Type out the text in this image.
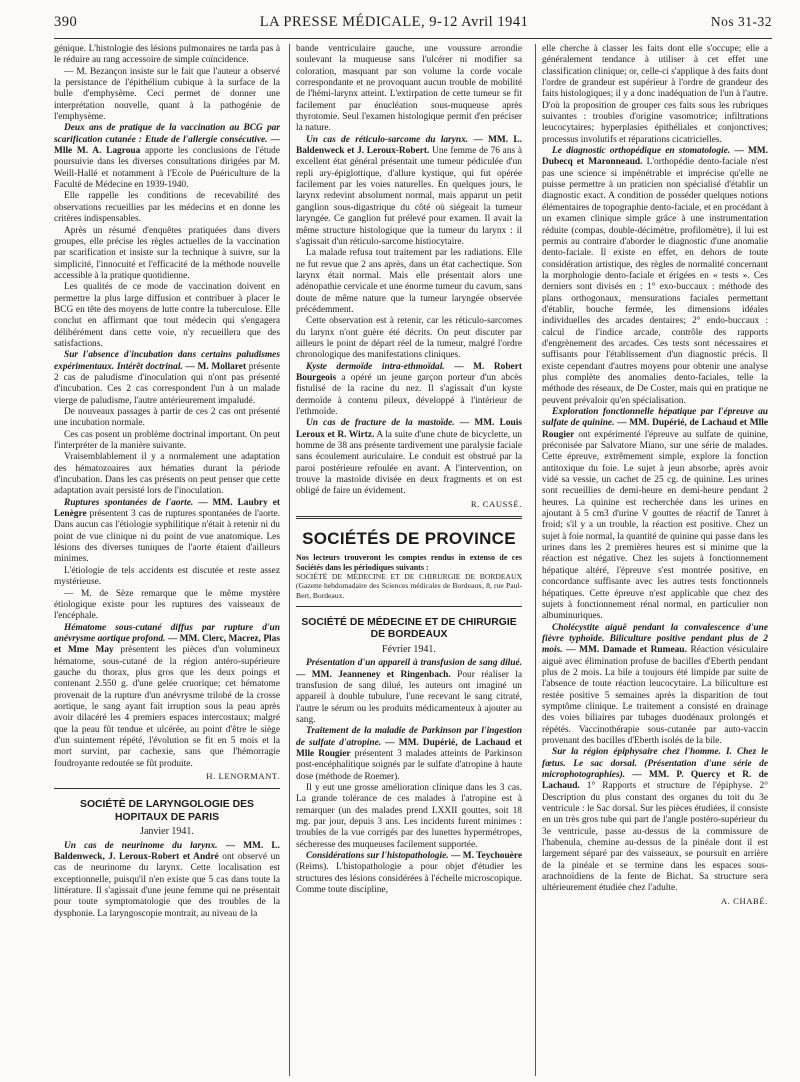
390	LA PRESSE MÉDICALE, 9-12 Avril 1941	Nos 31-32

génique. L'histologie des lésions pulmonaires ne tarda pas à le réduire au rang accessoire de simple coïncidence.

— M. Bezançon insiste sur le fait que l'auteur a observé la persistance de l'épithélium cubique à la surface de la bulle d'emphysème. Ceci permet de donner une interprétation nouvelle, quant à la pathogénie de l'emphysème.

Deux ans de pratique de la vaccination au BCG par scarification cutanée : Etude de l'allergie consécutive. — Mlle M. A. Lagroua apporte les conclusions de l'étude poursuivie dans les diverses consultations dirigées par M. Weill-Hallé et notamment à l'Ecole de Puériculture de la Faculté de Médecine en 1939-1940.

Elle rappelle les conditions de recevabilité des observations recueillies par les médecins et en donne les critères indispensables.

Après un résumé d'enquêtes pratiquées dans divers groupes, elle précise les règles actuelles de la vaccination par scarification et insiste sur la technique à suivre, sur la simplicité, l'innocuité et l'efficacité de la méthode nouvelle accessible à la pratique quotidienne.

Les qualités de ce mode de vaccination doivent en permettre la plus large diffusion et contribuer à placer le BCG en tête des moyens de lutte contre la tuberculose. Elle conclut en affirmant que tout médecin qui s'engagera délibérément dans cette voie, n'y recueillera que des satisfactions.

Sur l'absence d'incubation dans certains paludismes expérimentaux. Intérêt doctrinal. — M. Mollaret présente 2 cas de paludisme d'inoculation qui n'ont pas présenté d'incubation. Ces 2 cas correspondent l'un à un malade vierge de paludisme, l'autre antérieurement impaludé.

De nouveaux passages à partir de ces 2 cas ont présenté une incubation normale.

Ces cas posent un problème doctrinal important. On peut l'interpréter de la manière suivante.

Vraisemblablement il y a normalement une adaptation des hématozoaires aux hématies durant la période d'incubation. Dans les cas présents on peut penser que cette adaptation avait persisté lors de l'inoculation.

Ruptures spontanées de l'aorte. — MM. Laubry et Lenègre présentent 3 cas de ruptures spontanées de l'aorte. Dans aucun cas l'étiologie syphilitique n'était à retenir ni du point de vue clinique ni du point de vue anatomique. Les lésions des diverses tuniques de l'aorte étaient d'ailleurs minimes.

L'étiologie de tels accidents est discutée et reste assez mystérieuse.

— M. de Sèze remarque que le même mystère étiologique existe pour les ruptures des vaisseaux de l'encéphale.

Hématome sous-cutané diffus par rupture d'un anévrysme aortique profond. — MM. Clerc, Macrez, Plas et Mme May présentent les pièces d'un volumineux hématome, sous-cutané de la région antéro-supérieure gauche du thorax, plus gros que les deux poings et contenant 2.550 g. d'une gelée cruorique; cet hématome provenait de la rupture d'un anévrysme trilobé de la crosse aortique, le sang ayant fait irruption sous la peau après avoir dilacéré les 4 premiers espaces intercostaux; malgré que la peau fût tendue et ulcérée, au point d'être le siège d'un suintement répété, l'évolution se fit en 5 mois et la mort survint, par cachexie, sans que l'hémorragie foudroyante redoutée se fût produite.

H. LENORMANT.
SOCIÉTÉ DE LARYNGOLOGIE DES HOPITAUX DE PARIS
Janvier 1941.

Un cas de neurinome du larynx. — MM. L. Baldenweck, J. Leroux-Robert et André ont observé un cas de neurinome du larynx. Cette localisation est exceptionnelle, puisqu'il n'en existe que 5 cas dans toute la littérature. Il s'agissait d'une jeune femme qui ne présentait pour toute symptomatologie que des troubles de la dysphonie. La laryngoscopie montrait, au niveau de la

bande ventriculaire gauche, une voussure arrondie soulevant la muqueuse sans l'ulcérer ni modifier sa coloration, masquant par son volume la corde vocale correspondante et ne provoquant aucun trouble de mobilité de l'hémi-larynx atteint. L'extirpation de cette tumeur se fit facilement par énucléation sous-muqueuse après thyrotomie. Seul l'examen histologique permit d'en préciser la nature.

Un cas de réticulo-sarcome du larynx. — MM. L. Baldenweck et J. Leroux-Robert. Une femme de 76 ans à excellent état général présentait une tumeur pédiculée d'un repli ary-épiglottique, d'allure kystique, qui fut opérée facilement par les voies naturelles. En quelques jours, le larynx redevint absolument normal, mais apparut un petit ganglion sous-digastrique du côté où siégeait la tumeur laryngée. Ce ganglion fut prélevé pour examen. Il avait la même structure histologique que la tumeur du larynx : il s'agissait d'un réticulo-sarcome histiocytaire.

La malade refusa tout traitement par les radiations. Elle ne fut revue que 2 ans après, dans un état cachectique. Son larynx était normal. Mais elle présentait alors une adénopathie cervicale et une énorme tumeur du cavum, sans doute de même nature que la tumeur laryngée observée précédemment.

Cette observation est à retenir, car les réticulo-sarcomes du larynx n'ont guère été décrits. On peut discuter par ailleurs le point de départ réel de la tumeur, malgré l'ordre chronologique des manifestations cliniques.

Kyste dermoïde intra-ethmoïdal. — M. Robert Bourgeois a opéré un jeune garçon porteur d'un abcès fistulisé de la racine du nez. Il s'agissait d'un kyste dermoïde à contenu pileux, développé à l'intérieur de l'ethmoïde.

Un cas de fracture de la mastoïde. — MM. Louis Leroux et R. Wirtz. A la suite d'une chute de bicyclette, un homme de 38 ans présente tardivement une paralysie faciale sans écoulement auriculaire. Le conduit est obstrué par la paroi postérieure refoulée en avant. A l'intervention, on trouve la mastoïde divisée en deux fragments et on est obligé de faire un évidement.

R. CAUSSÉ.
SOCIÉTÉS DE PROVINCE
Nos lecteurs trouveront les comptes rendus in extenso de ces Sociétés dans les périodiques suivants :
SOCIÉTÉ DE MÉDECINE ET DE CHIRURGIE DE BORDEAUX (Gazette hebdomadaire des Sciences médicales de Bordeaux, 8, rue Paul-Bert, Bordeaux.
SOCIÉTÉ DE MÉDECINE ET DE CHIRURGIE DE BORDEAUX
Février 1941.

Présentation d'un appareil à transfusion de sang dilué. — MM. Jeanneney et Ringenbach. Pour réaliser la transfusion de sang dilué, les auteurs ont imaginé un appareil à double tubulure, l'une recevant le sang citraté, l'autre le sérum ou les produits médicamenteux à ajouter au sang.

Traitement de la maladie de Parkinson par l'ingestion de sulfate d'atropine. — MM. Dupérié, de Lachaud et Mlle Rougier présentent 3 malades atteints de Parkinson post-encéphalitique soignés par le sulfate d'atropine à haute dose (méthode de Roemer).

Il y eut une grosse amélioration clinique dans les 3 cas. La grande tolérance de ces malades à l'atropine est à remarquer (un des malades prend LXXII gouttes, soit 18 mg. par jour, depuis 3 ans. Les incidents furent minimes : troubles de la vue corrigés par des lunettes hypermétropes, sécheresse des muqueuses facilement supportée.

Considérations sur l'histopathologie. — M. Teychouère (Reims). L'histopathologie a pour objet d'étudier les structures des lésions considérées à l'échelle microscopique. Comme toute discipline,

elle cherche à classer les faits dont elle s'occupe; elle a généralement tendance à utiliser à cet effet une classification clinique; or, celle-ci s'applique à des faits dont l'ordre de grandeur est supérieur à l'ordre de grandeur des faits histologiques; il y a donc inadéquation de l'un à l'autre. D'où la proposition de grouper ces faits sous les rubriques suivantes : troubles d'origine vasomotrice; infiltrations leucocytaires; hyperplasies épithéliales et conjonctives; processus involutifs et réparations cicatricielles.

Le diagnostic orthopédique en stomatologie. — MM. Dubecq et Maronneaud. L'orthopédie dento-faciale n'est pas une science si impénétrable et imprécise qu'elle ne puisse permettre à un praticien non spécialisé d'établir un diagnostic exact. A condition de posséder quelques notions élémentaires de topographie dento-faciale, et en procédant à un examen clinique simple grâce à une instrumentation réduite (compas, double-décimètre, profilomètre), il lui est permis au contraire d'aborder le diagnostic d'une anomalie dento-faciale. Il existe en effet, en dehors de toute considération artistique, des règles de normalité concernant la morphologie dento-faciale et érigées en « tests ». Ces derniers sont divisés en : 1° exo-buccaux : méthode des plans orthogonaux, mensurations faciales permettant d'établir, bouche fermée, les dimensions idéales individuelles des arcades dentaires; 2° endo-buccaux : calcul de l'indice arcade, contrôle des rapports d'engrènement des arcades. Ces tests sont nécessaires et suffisants pour l'établissement d'un diagnostic précis. Il existe cependant d'autres moyens pour obtenir une analyse plus complète des anomalies dento-faciales, telle la méthode des réseaux, de De Coster, mais qui en pratique ne peuvent prévaloir qu'en spécialisation.

Exploration fonctionnelle hépatique par l'épreuve au sulfate de quinine. — MM. Dupérié, de Lachaud et Mlle Rougier ont expérimenté l'épreuve au sulfate de quinine, préconisée par Salvatore Miano, sur une série de malades. Cette épreuve, extrêmement simple, explore la fonction antitoxique du foie. Le sujet à jeun absorbe, après avoir vidé sa vessie, un cachet de 25 cg. de quinine. Les urines sont recueillies de demi-heure en demi-heure pendant 2 heures. La quinine est recherchée dans les urines en ajoutant à 5 cm3 d'urine V gouttes de réactif de Tanret à froid; s'il y a un trouble, la réaction est positive. Chez un sujet à foie normal, la quantité de quinine qui passe dans les urines dans les 2 premières heures est si minime que la réaction est négative. Chez les sujets à fonctionnement hépatique altéré, l'épreuve s'est montrée positive, en concordance suffisante avec les autres tests fonctionnels hépatiques. Cette épreuve n'est applicable que chez des sujets à fonctionnement rénal normal, en particulier non albuminuriques.

Cholécystite aiguë pendant la convalescence d'une fièvre typhoïde. Biliculture positive pendant plus de 2 mois. — MM. Damade et Rumeau. Réaction vésiculaire aiguë avec élimination profuse de bacilles d'Eberth pendant plus de 2 mois. La bile a toujours été limpide par suite de l'absence de toute réaction leucocytaire. La biliculture est restée positive 5 semaines après la disparition de tout symptôme clinique. Le traitement a consisté en drainage des voies biliaires par tubages duodénaux prolongés et répétés. Vaccinothérapie sous-cutanée par auto-vaccin provenant des bacilles d'Eberth isolés de la bile.

Sur la région épiphysaire chez l'homme. I. Chez le fœtus. Le sac dorsal. (Présentation d'une série de microphotographies). — MM. P. Quercy et R. de Lachaud. 1° Rapports et structure de l'épiphyse. 2° Description du plus constant des organes du toit du 3e ventricule : le Sac dorsal. Sur les pièces étudiées, il consiste en un très gros tube qui part de l'angle postéro-supérieur du 3e ventricule, passe au-dessus de la commissure de l'habenula, chemine au-dessus de la pinéale dont il est largement séparé par des vaisseaux, se poursuit en arrière de la pinéale et se termine dans les espaces sous-arachnoïdiens de la fente de Bichat. Sa structure sera ultérieurement étudiée chez l'adulte.

A. CHABÉ.
